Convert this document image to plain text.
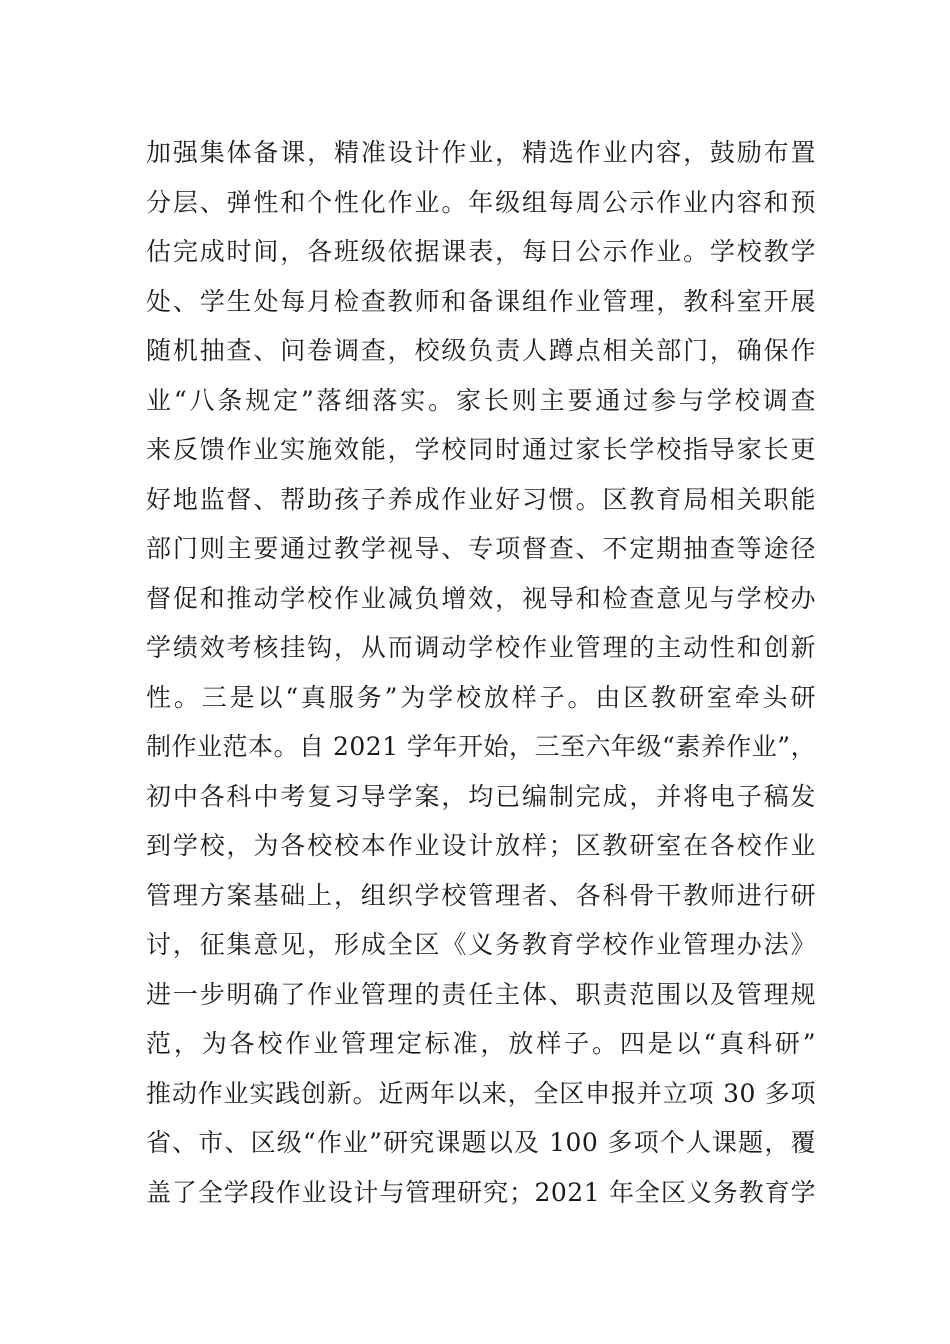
加强集体备课，精准设计作业，精选作业内容，鼓励布置
分层、弹性和个性化作业。年级组每周公示作业内容和预
估完成时间，各班级依据课表，每日公示作业。学校教学
处、学生处每月检查教师和备课组作业管理，教科室开展
随机抽查、问卷调查，校级负责人蹲点相关部门，确保作
业“八条规定”落细落实。家长则主要通过参与学校调查
来反馈作业实施效能，学校同时通过家长学校指导家长更
好地监督、帮助孩子养成作业好习惯。区教育局相关职能
部门则主要通过教学视导、专项督查、不定期抽查等途径
督促和推动学校作业减负增效，视导和检查意见与学校办
学绩效考核挂钩，从而调动学校作业管理的主动性和创新
性。三是以“真服务”为学校放样子。由区教研室牵头研
制作业范本。自 2021 学年开始，三至六年级“素养作业”，
初中各科中考复习导学案，均已编制完成，并将电子稿发
到学校，为各校校本作业设计放样；区教研室在各校作业
管理方案基础上，组织学校管理者、各科骨干教师进行研
讨，征集意见，形成全区《义务教育学校作业管理办法》
进一步明确了作业管理的责任主体、职责范围以及管理规
范，为各校作业管理定标准，放样子。四是以“真科研”
推动作业实践创新。近两年以来，全区申报并立项 30 多项
省、市、区级“作业”研究课题以及 100 多项个人课题，覆
盖了全学段作业设计与管理研究；2021 年全区义务教育学
